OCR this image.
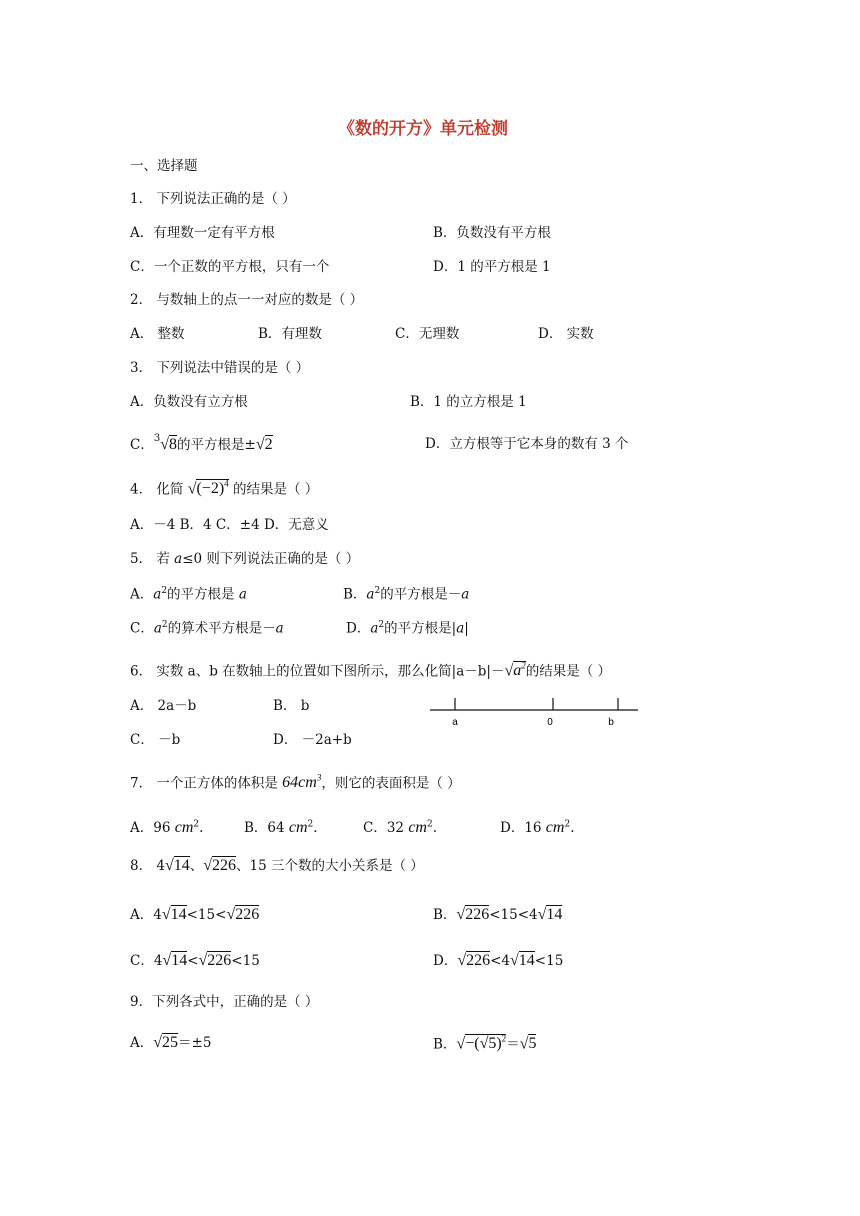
《数的开方》单元检测
一、选择题
1． 下列说法正确的是（ ）
A．有理数一定有平方根	B．负数没有平方根
C．一个正数的平方根，只有一个	D．1 的平方根是 1
2． 与数轴上的点一一对应的数是（ ）
A． 整数	B．有理数	C．无理数	D． 实数
3． 下列说法中错误的是（ ）
A．负数没有立方根	B．1 的立方根是 1
C．$^3$√8的平方根是±√2	D．立方根等于它本身的数有 3 个
4． 化简 $√(-2)^4$ 的结果是（ ）
A．－4 B．4 C．±4 D．无意义
5． 若 a≤0 则下列说法正确的是（ ）
A．$a^2$的平方根是 a	B．$a^2$的平方根是－a
C．$a^2$的算术平方根是－a	D．$a^2$的平方根是|a|
6． 实数 a、b 在数轴上的位置如下图所示，那么化简$|a-b|-√a^2$的结果是（ ）
A． 2a－b	B． b
C． －b	D． －2a+b
a	0	b
7． 一个正方体的体积是 $64cm^3$，则它的表面积是（ ）
A．96 $cm^2$.	B．64 $cm^2$.	C．32 $cm^2$.	D．16 $cm^2$.
8． 4√14、√226、15 三个数的大小关系是（ ）
A．4√14<15<√226	B．√226<15<4√14
C．4√14<√226<15	D．√226<4√14<15
9．下列各式中，正确的是（ ）
A．√25＝±5	B．$√-(√5)^2=√5$
